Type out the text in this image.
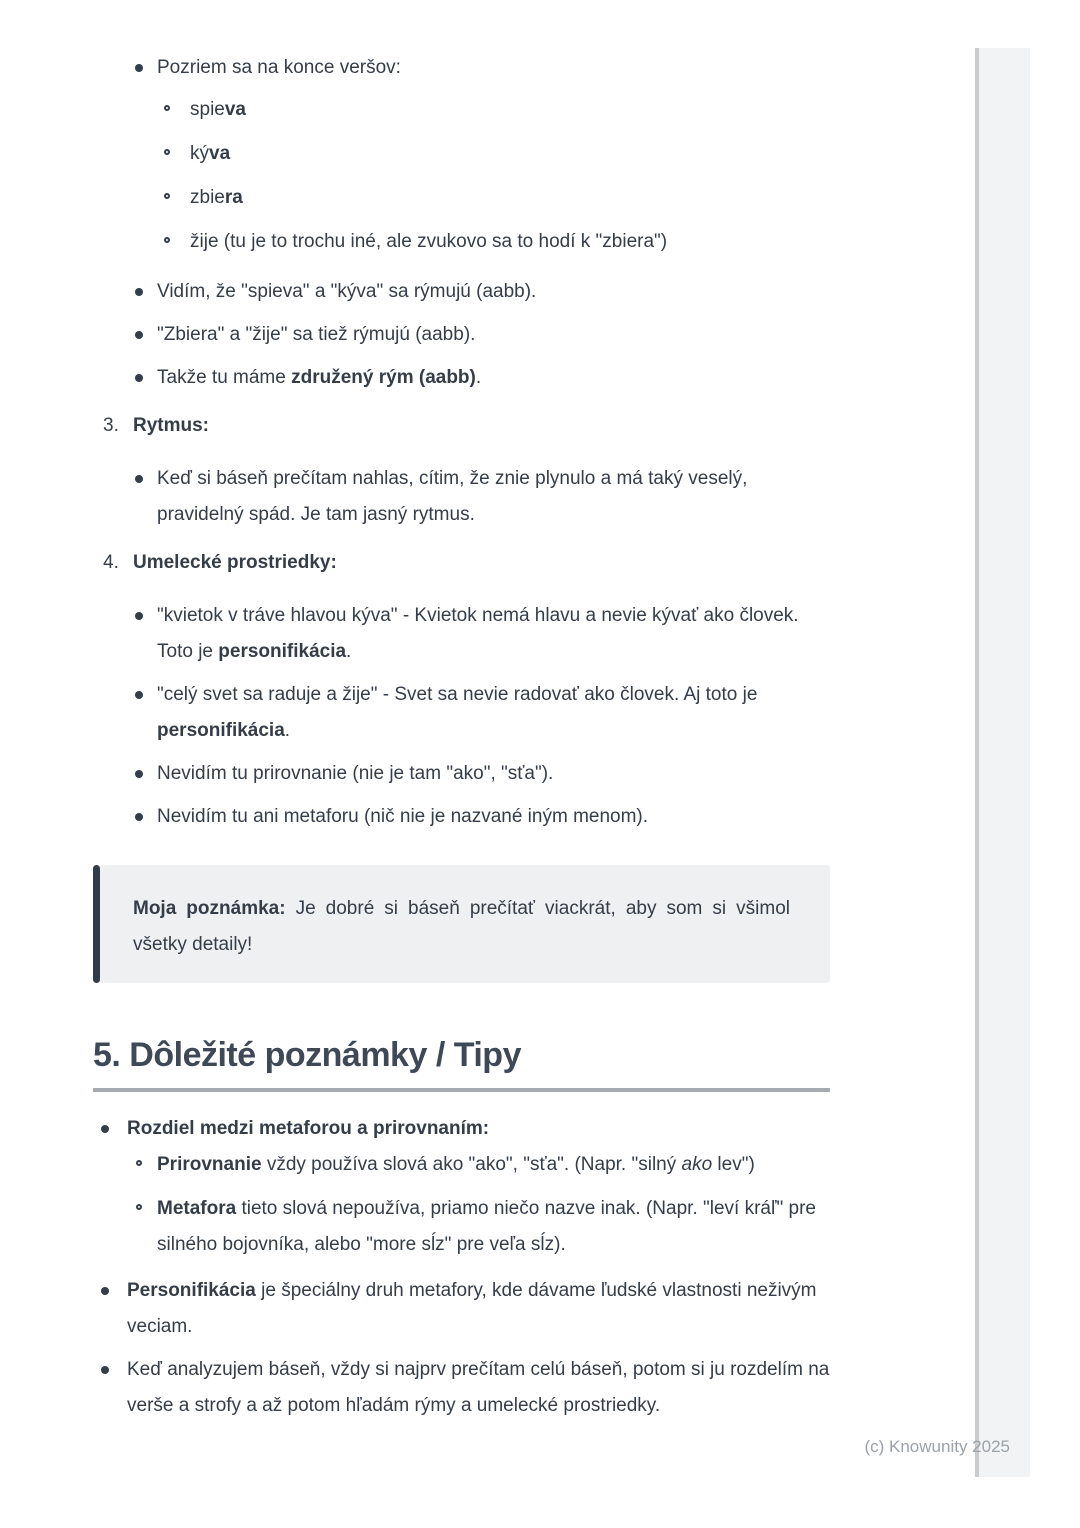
Pozriem sa na konce veršov:
spieva
kýva
zbiera
žije (tu je to trochu iné, ale zvukovo sa to hodí k "zbiera")
Vidím, že "spieva" a "kýva" sa rýmujú (aabb).
"Zbiera" a "žije" sa tiež rýmujú (aabb).
Takže tu máme združený rým (aabb).
3. Rytmus:
Keď si báseň prečítam nahlas, cítim, že znie plynulo a má taký veselý, pravidelný spád. Je tam jasný rytmus.
4. Umelecké prostriedky:
"kvietok v tráve hlavou kýva" - Kvietok nemá hlavu a nevie kývať ako človek. Toto je personifikácia.
"celý svet sa raduje a žije" - Svet sa nevie radovať ako človek. Aj toto je personifikácia.
Nevidím tu prirovnanie (nie je tam "ako", "sťa").
Nevidím tu ani metaforu (nič nie je nazvané iným menom).

Moja poznámka: Je dobré si báseň prečítať viackrát, aby som si všimol všetky detaily!

5. Dôležité poznámky / Tipy
Rozdiel medzi metaforou a prirovnaním:
Prirovnanie vždy používa slová ako "ako", "sťa". (Napr. "silný ako lev")
Metafora tieto slová nepoužíva, priamo niečo nazve inak. (Napr. "leví kráľ" pre silného bojovníka, alebo "more sĺz" pre veľa sĺz).
Personifikácia je špeciálny druh metafory, kde dávame ľudské vlastnosti neživým veciam.
Keď analyzujem báseň, vždy si najprv prečítam celú báseň, potom si ju rozdelím na verše a strofy a až potom hľadám rýmy a umelecké prostriedky.
(c) Knowunity 2025
